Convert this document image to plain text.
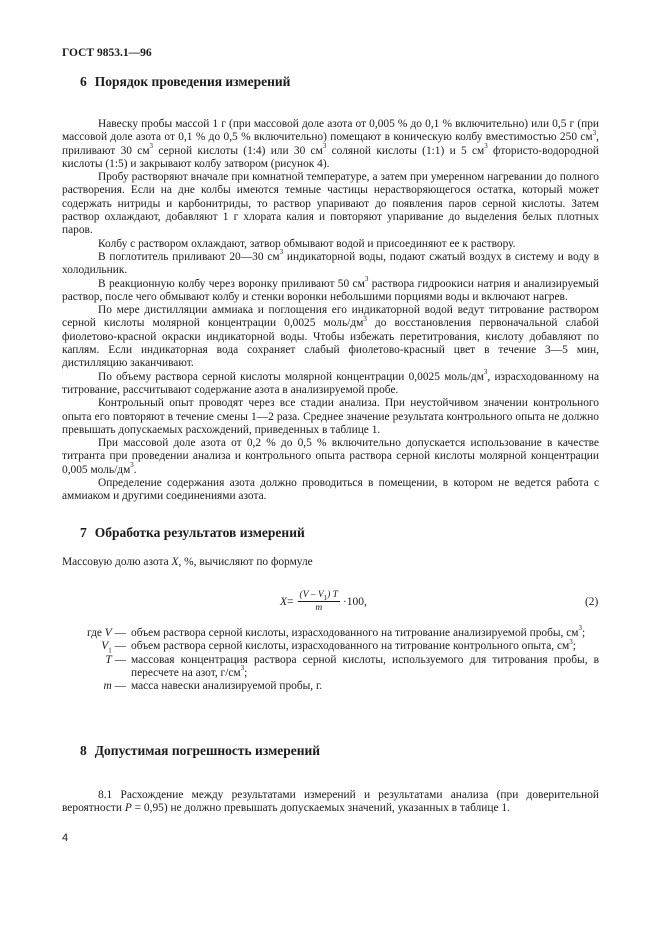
ГОСТ 9853.1—96
6 Порядок проведения измерений

Навеску пробы массой 1 г (при массовой доле азота от 0,005 % до 0,1 % включительно) или 0,5 г (при массовой доле азота от 0,1 % до 0,5 % включительно) помещают в коническую колбу вместимостью 250 $см^3$, приливают 30 $см^3$ серной кислоты (1:4) или 30 $см^3$ соляной кислоты (1:1) и 5 $см^3$ фтористо-водородной кислоты (1:5) и закрывают колбу затвором (рисунок 4).

Пробу растворяют вначале при комнатной температуре, а затем при умеренном нагревании до полного растворения. Если на дне колбы имеются темные частицы нерастворяющегося остатка, который может содержать нитриды и карбонитриды, то раствор упаривают до появления паров серной кислоты. Затем раствор охлаждают, добавляют 1 г хлората калия и повторяют упаривание до выделения белых плотных паров.

Колбу с раствором охлаждают, затвор обмывают водой и присоединяют ее к раствору.

В поглотитель приливают 20—30 $см^3$ индикаторной воды, подают сжатый воздух в систему и воду в холодильник.

В реакционную колбу через воронку приливают 50 $см^3$ раствора гидроокиси натрия и анализируемый раствор, после чего обмывают колбу и стенки воронки небольшими порциями воды и включают нагрев.

По мере дистилляции аммиака и поглощения его индикаторной водой ведут титрование раствором серной кислоты молярной концентрации 0,0025 моль/$дм^3$ до восстановления первоначальной слабой фиолетово-красной окраски индикаторной воды. Чтобы избежать перетитрования, кислоту добавляют по каплям. Если индикаторная вода сохраняет слабый фиолетово-красный цвет в течение 3—5 мин, дистилляцию заканчивают.

По объему раствора серной кислоты молярной концентрации 0,0025 моль/$дм^3$, израсходованному на титрование, рассчитывают содержание азота в анализируемой пробе.

Контрольный опыт проводят через все стадии анализа. При неустойчивом значении контрольного опыта его повторяют в течение смены 1—2 раза. Среднее значение результата контрольного опыта не должно превышать допускаемых расхождений, приведенных в таблице 1.

При массовой доле азота от 0,2 % до 0,5 % включительно допускается использование в качестве титранта при проведении анализа и контрольного опыта раствора серной кислоты молярной концентрации 0,005 моль/$дм^3$.

Определение содержания азота должно проводиться в помещении, в котором не ведется работа с аммиаком и другими соединениями азота.

7 Обработка результатов измерений
Массовую долю азота X, %, вычисляют по формуле
$X = \frac{(V - V_1) T}{m} \cdot 100$,	(2)
где V — объем раствора серной кислоты, израсходованного на титрование анализируемой пробы, $см^3$;
$V_1$ — объем раствора серной кислоты, израсходованного на титрование контрольного опыта, $см^3$;
T — массовая концентрация раствора серной кислоты, используемого для титрования пробы, в пересчете на азот, $г/см^3$;
m — масса навески анализируемой пробы, г.
8 Допустимая погрешность измерений

8.1 Расхождение между результатами измерений и результатами анализа (при доверительной вероятности P = 0,95) не должно превышать допускаемых значений, указанных в таблице 1.

4
